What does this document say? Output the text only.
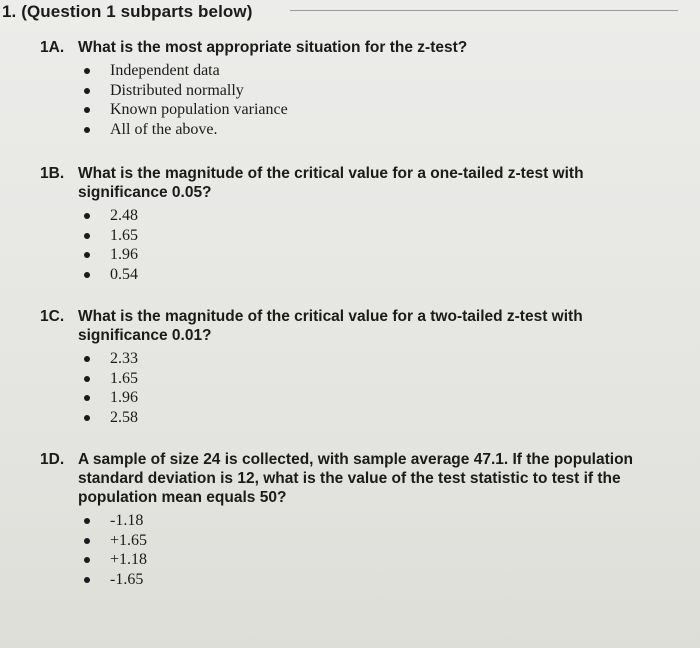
1. (Question 1 subparts below)
1A. What is the most appropriate situation for the z-test?
Independent data
Distributed normally
Known population variance
All of the above.
1B. What is the magnitude of the critical value for a one-tailed z-test with significance 0.05?
2.48
1.65
1.96
0.54
1C. What is the magnitude of the critical value for a two-tailed z-test with significance 0.01?
2.33
1.65
1.96
2.58
1D. A sample of size 24 is collected, with sample average 47.1. If the population standard deviation is 12, what is the value of the test statistic to test if the population mean equals 50?
-1.18
+1.65
+1.18
-1.65
